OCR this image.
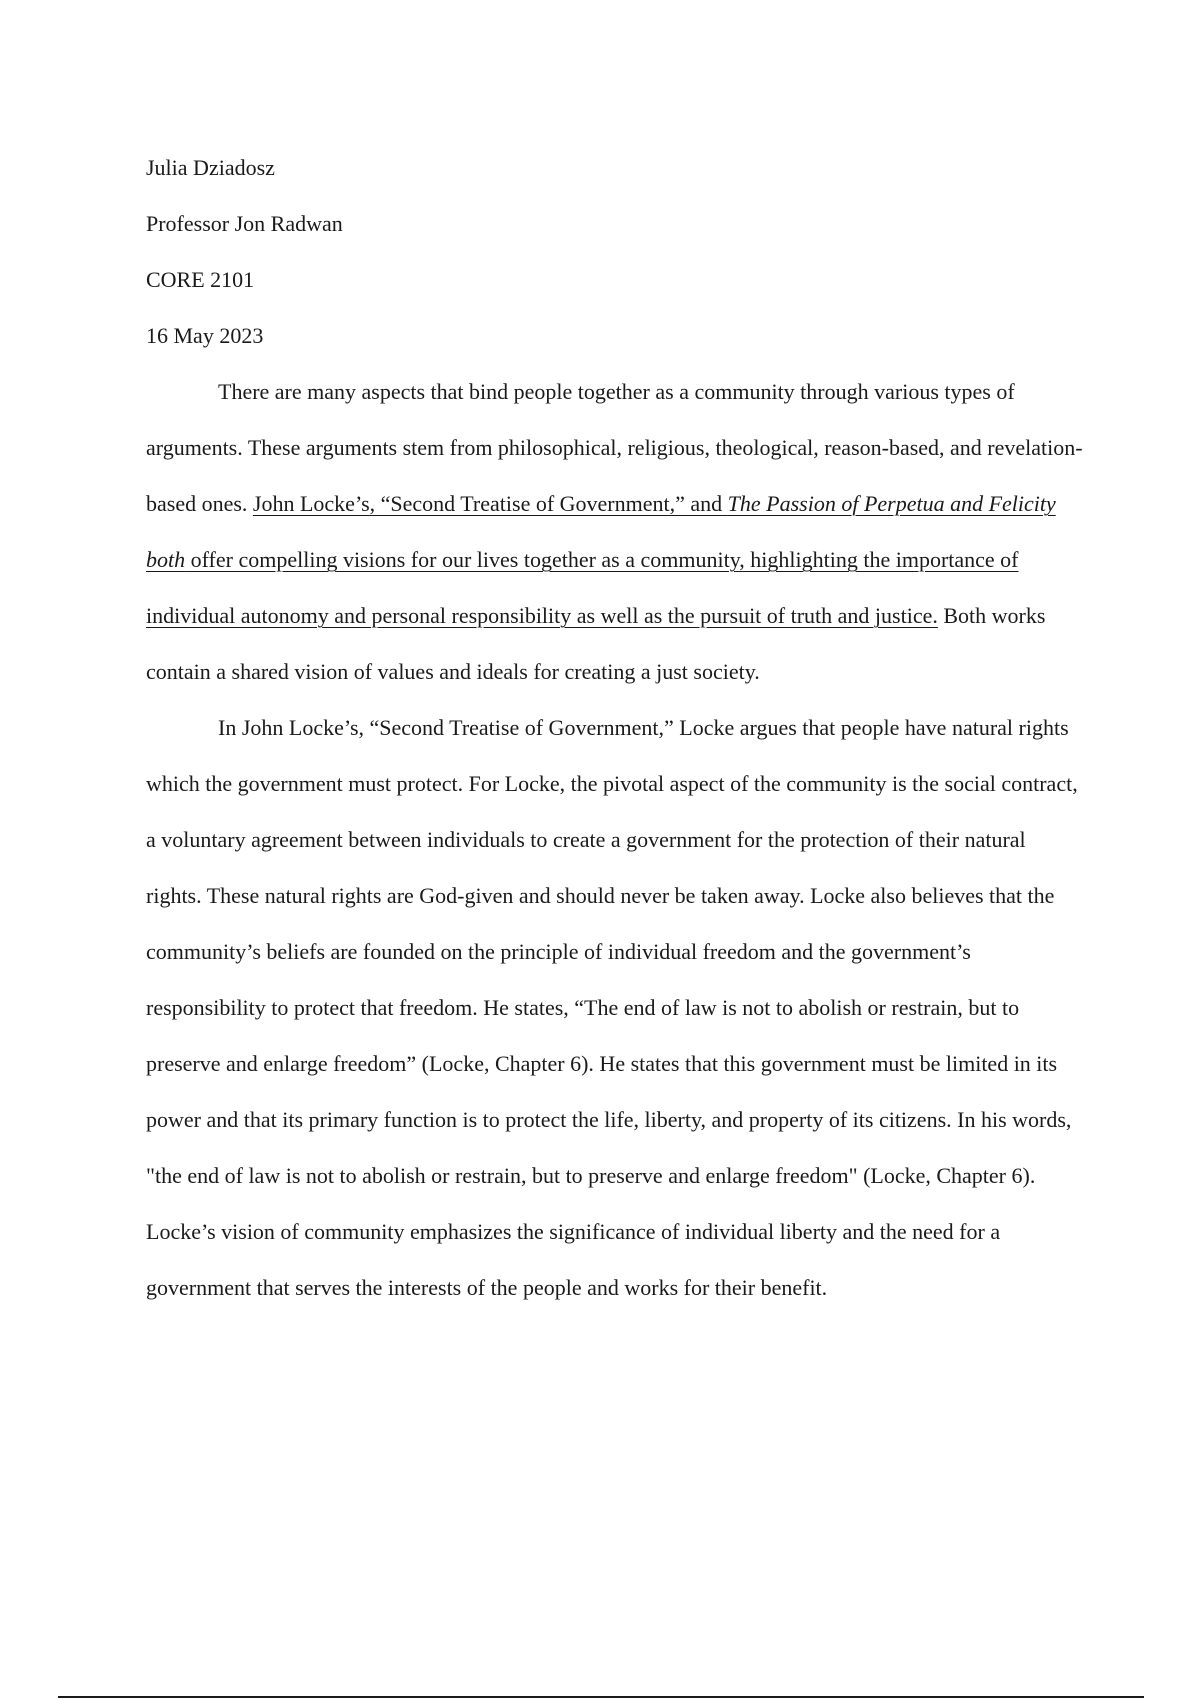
Julia Dziadosz

Professor Jon Radwan

CORE 2101

16 May 2023

There are many aspects that bind people together as a community through various types of arguments. These arguments stem from philosophical, religious, theological, reason-based, and revelation-based ones. John Locke’s, “Second Treatise of Government,” and The Passion of Perpetua and Felicity both offer compelling visions for our lives together as a community, highlighting the importance of individual autonomy and personal responsibility as well as the pursuit of truth and justice. Both works contain a shared vision of values and ideals for creating a just society.

In John Locke’s, “Second Treatise of Government,” Locke argues that people have natural rights which the government must protect. For Locke, the pivotal aspect of the community is the social contract, a voluntary agreement between individuals to create a government for the protection of their natural rights. These natural rights are God-given and should never be taken away. Locke also believes that the community’s beliefs are founded on the principle of individual freedom and the government’s responsibility to protect that freedom. He states, “The end of law is not to abolish or restrain, but to preserve and enlarge freedom” (Locke, Chapter 6). He states that this government must be limited in its power and that its primary function is to protect the life, liberty, and property of its citizens. In his words, "the end of law is not to abolish or restrain, but to preserve and enlarge freedom" (Locke, Chapter 6). Locke’s vision of community emphasizes the significance of individual liberty and the need for a government that serves the interests of the people and works for their benefit.
